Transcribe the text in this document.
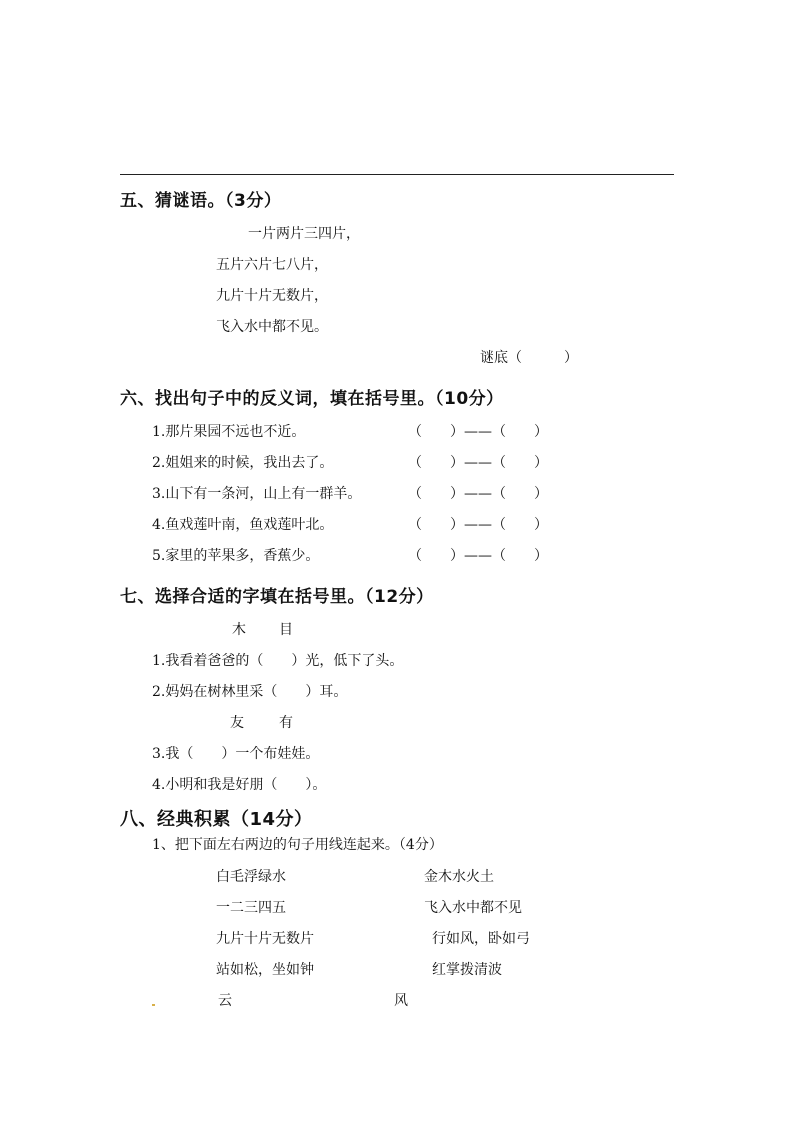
五、猜谜语。（3分）
一片两片三四片，
五片六片七八片，
九片十片无数片，
飞入水中都不见。
谜底（　　　）
六、找出句子中的反义词，填在括号里。（10分）
1.那片果园不远也不近。	（　　）——（　　）
2.姐姐来的时候，我出去了。	（　　）——（　　）
3.山下有一条河，山上有一群羊。	（　　）——（　　）
4.鱼戏莲叶南，鱼戏莲叶北。	（　　）——（　　）
5.家里的苹果多，香蕉少。	（　　）——（　　）
七、选择合适的字填在括号里。（12分）
木 目
1.我看着爸爸的（　　）光，低下了头。
2.妈妈在树林里采（　　）耳。
友	有
3.我（　　）一个布娃娃。
4.小明和我是好朋（　　）。
八、经典积累（14分）
1、把下面左右两边的句子用线连起来。（4分）
白毛浮绿水	金木水火土
一二三四五	飞入水中都不见
九片十片无数片	行如风，卧如弓
站如松，坐如钟	红掌拨清波
云	风
